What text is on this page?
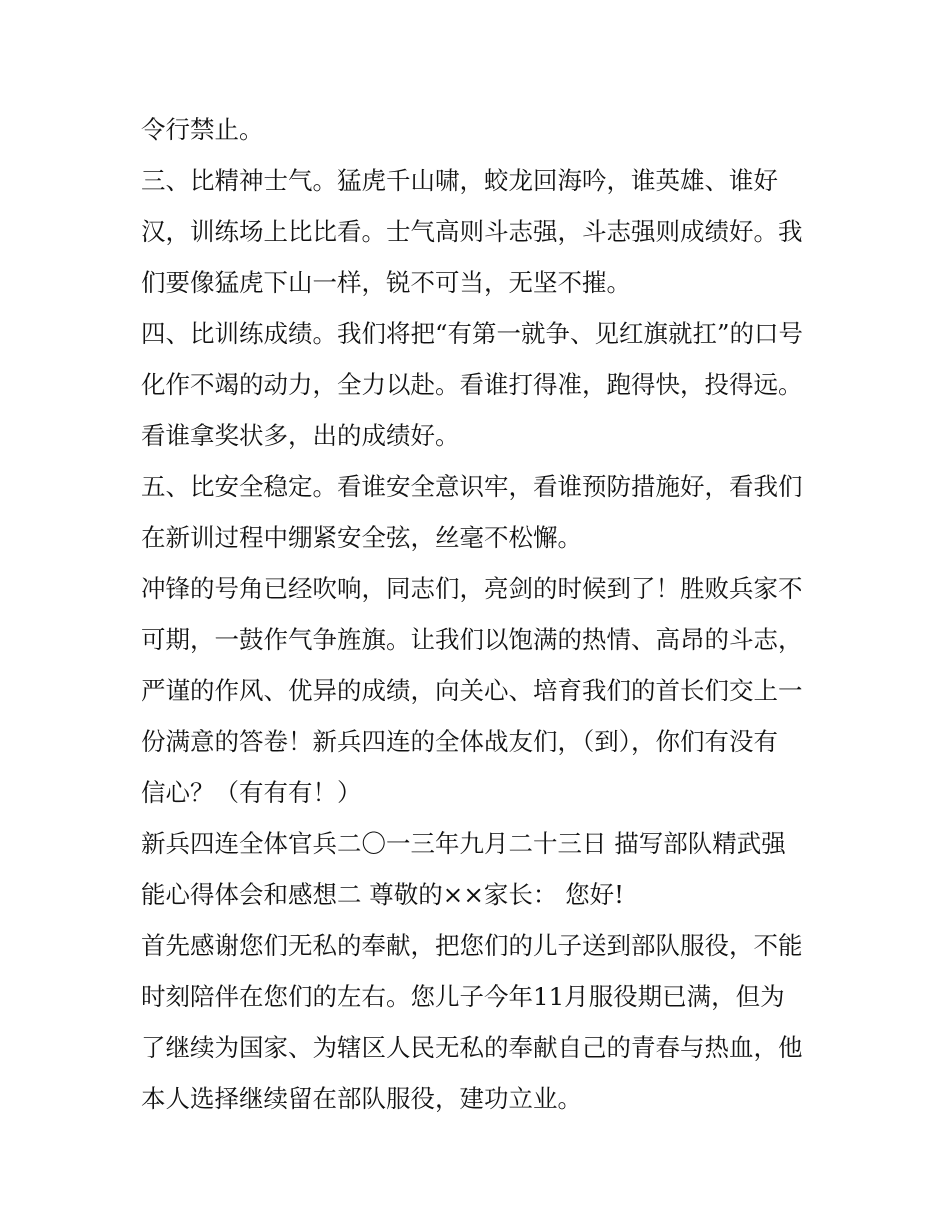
令行禁止。
三、比精神士气。猛虎千山啸，蛟龙回海吟，谁英雄、谁好
汉，训练场上比比看。士气高则斗志强，斗志强则成绩好。我
们要像猛虎下山一样，锐不可当，无坚不摧。
四、比训练成绩。我们将把“有第一就争、见红旗就扛”的口号
化作不竭的动力，全力以赴。看谁打得准，跑得快，投得远。
看谁拿奖状多，出的成绩好。
五、比安全稳定。看谁安全意识牢，看谁预防措施好，看我们
在新训过程中绷紧安全弦，丝毫不松懈。
冲锋的号角已经吹响，同志们，亮剑的时候到了！胜败兵家不
可期，一鼓作气争旌旗。让我们以饱满的热情、高昂的斗志，
严谨的作风、优异的成绩，向关心、培育我们的首长们交上一
份满意的答卷！新兵四连的全体战友们，（到），你们有没有
信心？（有有有！）
新兵四连全体官兵二〇一三年九月二十三日 描写部队精武强
能心得体会和感想二 尊敬的××家长： 您好!
首先感谢您们无私的奉献，把您们的儿子送到部队服役，不能
时刻陪伴在您们的左右。您儿子今年11月服役期已满，但为
了继续为国家、为辖区人民无私的奉献自己的青春与热血，他
本人选择继续留在部队服役，建功立业。
